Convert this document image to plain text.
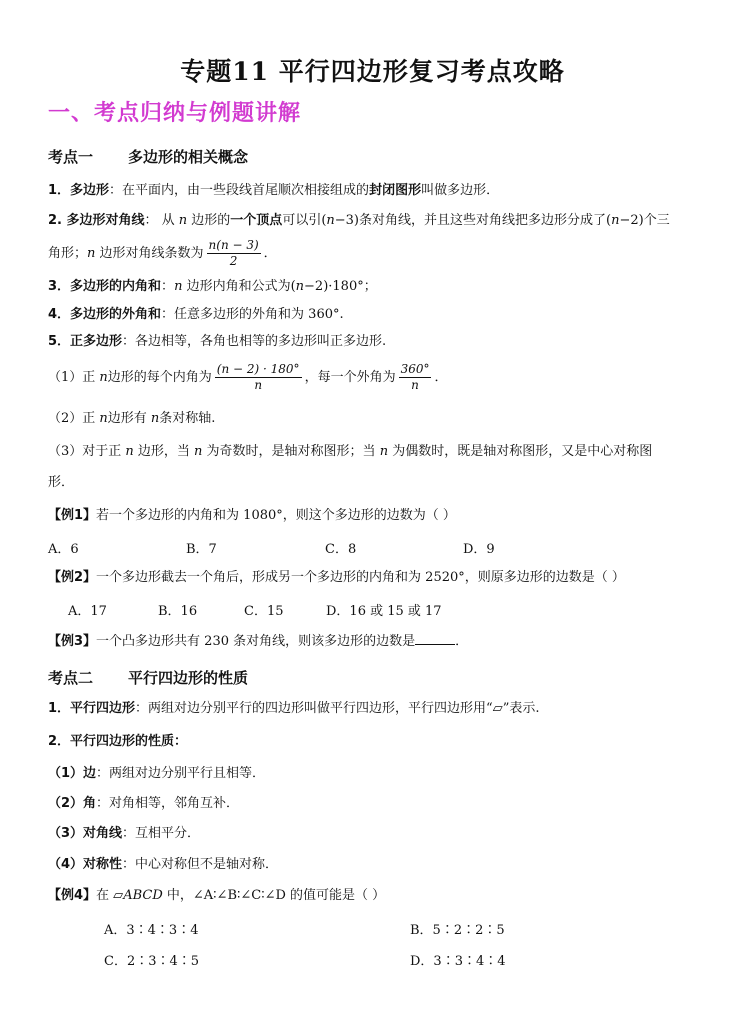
专题11 平行四边形复习考点攻略
一、考点归纳与例题讲解
考点一 多边形的相关概念
1．多边形：在平面内，由一些段线首尾顺次相接组成的封闭图形叫做多边形．
2. 多边形对角线： 从 n 边形的一个顶点可以引(n−3)条对角线，并且这些对角线把多边形分成了(n−2)个三
角形；n 边形对角线条数为 $\frac{n(n - 3)}{2}$ ．
3．多边形的内角和：n 边形内角和公式为(n−2)·180°；
4．多边形的外角和：任意多边形的外角和为 360°.
5．正多边形：各边相等，各角也相等的多边形叫正多边形.
（1）正 n边形的每个内角为 $\frac{(n - 2) \cdot 180^\circ}{n}$ ，每一个外角为 $\frac{360^\circ}{n}$ ．
（2）正 n边形有 n条对称轴.
（3）对于正 n 边形，当 n 为奇数时，是轴对称图形；当 n 为偶数时，既是轴对称图形，又是中心对称图
形．
【例1】若一个多边形的内角和为 1080°，则这个多边形的边数为（ ）
A．6	B．7	C．8	D．9
【例2】一个多边形截去一个角后，形成另一个多边形的内角和为 2520°，则原多边形的边数是（ ）
A．17	B．16	C．15	D．16 或 15 或 17
【例3】一个凸多边形共有 230 条对角线，则该多边形的边数是	．
考点二 平行四边形的性质
1．平行四边形：两组对边分别平行的四边形叫做平行四边形，平行四边形用“▱”表示.
2．平行四边形的性质：
（1）边：两组对边分别平行且相等．
（2）角：对角相等，邻角互补．
（3）对角线：互相平分．
（4）对称性：中心对称但不是轴对称．
【例4】在 ▱ABCD 中，∠A∶∠B∶∠C∶∠D 的值可能是（ ）
A．3∶4∶3∶4	B．5∶2∶2∶5
C．2∶3∶4∶5	D．3∶3∶4∶4
